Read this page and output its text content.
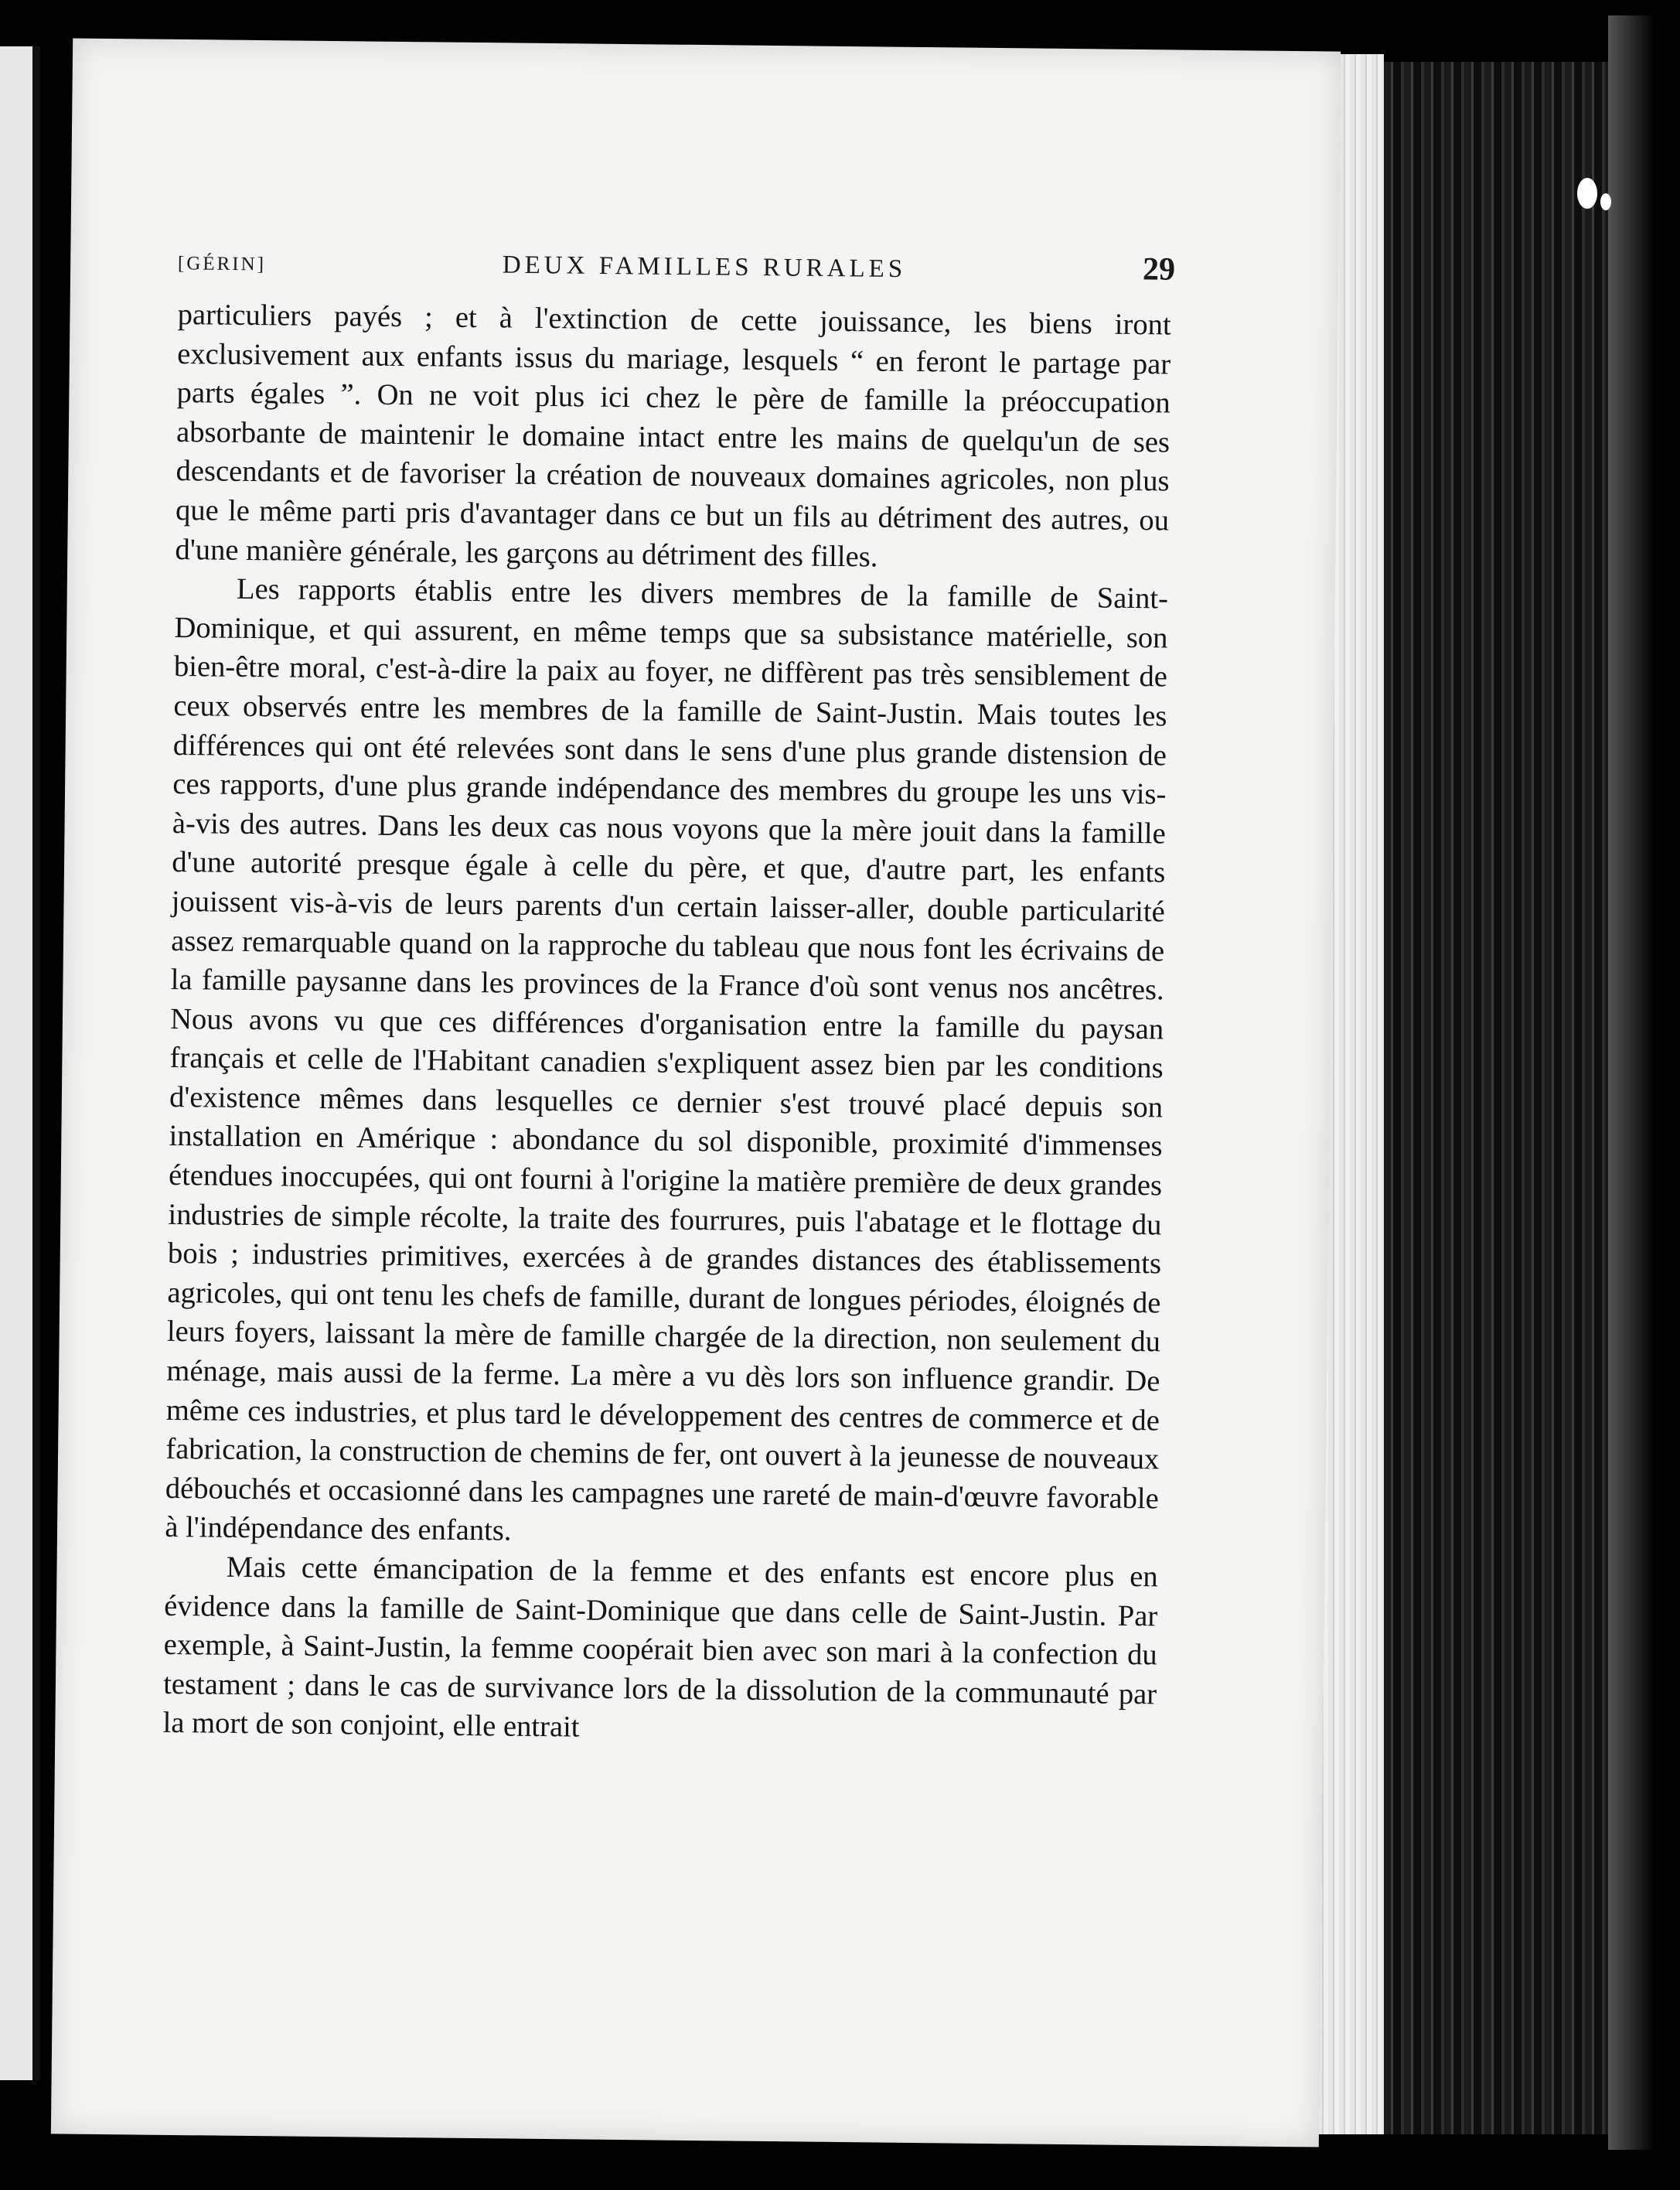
[GÉRIN]	DEUX FAMILLES RURALES	29

particuliers payés ; et à l'extinction de cette jouissance, les biens iront exclusivement aux enfants issus du mariage, lesquels “ en feront le partage par parts égales ”. On ne voit plus ici chez le père de famille la préoccupation absorbante de maintenir le domaine intact entre les mains de quelqu'un de ses descendants et de favoriser la création de nouveaux domaines agricoles, non plus que le même parti pris d'avantager dans ce but un fils au détriment des autres, ou d'une manière générale, les garçons au détriment des filles.

Les rapports établis entre les divers membres de la famille de Saint-Dominique, et qui assurent, en même temps que sa subsistance matérielle, son bien-être moral, c'est-à-dire la paix au foyer, ne diffèrent pas très sensiblement de ceux observés entre les membres de la famille de Saint-Justin. Mais toutes les différences qui ont été relevées sont dans le sens d'une plus grande distension de ces rapports, d'une plus grande indépendance des membres du groupe les uns vis-à-vis des autres. Dans les deux cas nous voyons que la mère jouit dans la famille d'une autorité presque égale à celle du père, et que, d'autre part, les enfants jouissent vis-à-vis de leurs parents d'un certain laisser-aller, double particularité assez remarquable quand on la rapproche du tableau que nous font les écrivains de la famille paysanne dans les provinces de la France d'où sont venus nos ancêtres. Nous avons vu que ces différences d'organisation entre la famille du paysan français et celle de l'Habitant canadien s'expliquent assez bien par les conditions d'existence mêmes dans lesquelles ce dernier s'est trouvé placé depuis son installation en Amérique : abondance du sol disponible, proximité d'immenses étendues inoccupées, qui ont fourni à l'origine la matière première de deux grandes industries de simple récolte, la traite des fourrures, puis l'abatage et le flottage du bois ; industries primitives, exercées à de grandes distances des établissements agricoles, qui ont tenu les chefs de famille, durant de longues périodes, éloignés de leurs foyers, laissant la mère de famille chargée de la direction, non seulement du ménage, mais aussi de la ferme. La mère a vu dès lors son influence grandir. De même ces industries, et plus tard le développement des centres de commerce et de fabrication, la construction de chemins de fer, ont ouvert à la jeunesse de nouveaux débouchés et occasionné dans les campagnes une rareté de main-d'œuvre favorable à l'indépendance des enfants.

Mais cette émancipation de la femme et des enfants est encore plus en évidence dans la famille de Saint-Dominique que dans celle de Saint-Justin. Par exemple, à Saint-Justin, la femme coopérait bien avec son mari à la confection du testament ; dans le cas de survivance lors de la dissolution de la communauté par la mort de son conjoint, elle entrait
